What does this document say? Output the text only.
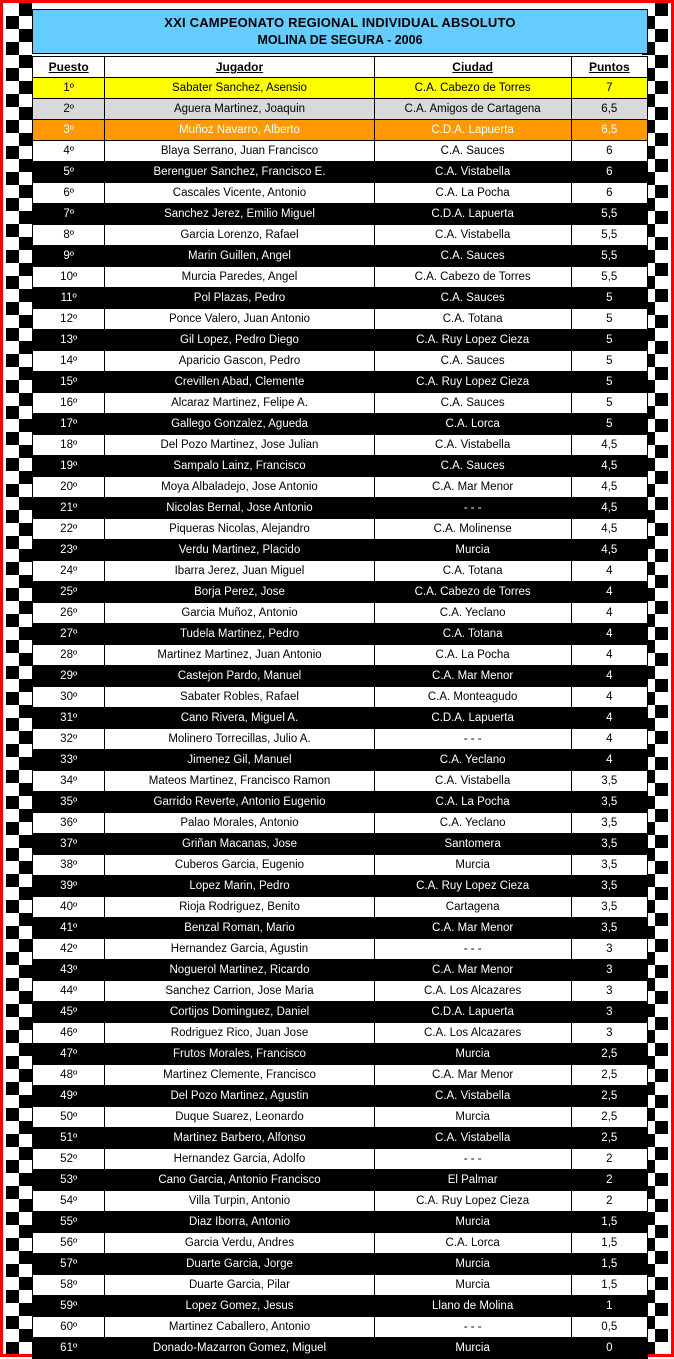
XXI CAMPEONATO REGIONAL INDIVIDUAL ABSOLUTO
MOLINA DE SEGURA - 2006
Puesto	Jugador	Ciudad	Puntos
1º	Sabater Sanchez, Asensio	C.A. Cabezo de Torres	7
2º	Aguera Martinez, Joaquin	C.A. Amigos de Cartagena	6,5
3º	Muñoz Navarro, Alberto	C.D.A. Lapuerta	6,5
4º	Blaya Serrano, Juan Francisco	C.A. Sauces	6
5º	Berenguer Sanchez, Francisco E.	C.A. Vistabella	6
6º	Cascales Vicente, Antonio	C.A. La Pocha	6
7º	Sanchez Jerez, Emilio Miguel	C.D.A. Lapuerta	5,5
8º	Garcia Lorenzo, Rafael	C.A. Vistabella	5,5
9º	Marin Guillen, Angel	C.A. Sauces	5,5
10º	Murcia Paredes, Angel	C.A. Cabezo de Torres	5,5
11º	Pol Plazas, Pedro	C.A. Sauces	5
12º	Ponce Valero, Juan Antonio	C.A. Totana	5
13º	Gil Lopez, Pedro Diego	C.A. Ruy Lopez Cieza	5
14º	Aparicio Gascon, Pedro	C.A. Sauces	5
15º	Crevillen Abad, Clemente	C.A. Ruy Lopez Cieza	5
16º	Alcaraz Martinez, Felipe A.	C.A. Sauces	5
17º	Gallego Gonzalez, Agueda	C.A. Lorca	5
18º	Del Pozo Martinez, Jose Julian	C.A. Vistabella	4,5
19º	Sampalo Lainz, Francisco	C.A. Sauces	4,5
20º	Moya Albaladejo, Jose Antonio	C.A. Mar Menor	4,5
21º	Nicolas Bernal, Jose Antonio	- - -	4,5
22º	Piqueras Nicolas, Alejandro	C.A. Molinense	4,5
23º	Verdu Martinez, Placido	Murcia	4,5
24º	Ibarra Jerez, Juan Miguel	C.A. Totana	4
25º	Borja Perez, Jose	C.A. Cabezo de Torres	4
26º	Garcia Muñoz, Antonio	C.A. Yeclano	4
27º	Tudela Martinez, Pedro	C.A. Totana	4
28º	Martinez Martinez, Juan Antonio	C.A. La Pocha	4
29º	Castejon Pardo, Manuel	C.A. Mar Menor	4
30º	Sabater Robles, Rafael	C.A. Monteagudo	4
31º	Cano Rivera, Miguel A.	C.D.A. Lapuerta	4
32º	Molinero Torrecillas, Julio A.	- - -	4
33º	Jimenez Gil, Manuel	C.A. Yeclano	4
34º	Mateos Martinez, Francisco Ramon	C.A. Vistabella	3,5
35º	Garrido Reverte, Antonio Eugenio	C.A. La Pocha	3,5
36º	Palao Morales, Antonio	C.A. Yeclano	3,5
37º	Griñan Macanas, Jose	Santomera	3,5
38º	Cuberos Garcia, Eugenio	Murcia	3,5
39º	Lopez Marin, Pedro	C.A. Ruy Lopez Cieza	3,5
40º	Rioja Rodriguez, Benito	Cartagena	3,5
41º	Benzal Roman, Mario	C.A. Mar Menor	3,5
42º	Hernandez Garcia, Agustin	- - -	3
43º	Noguerol Martinez, Ricardo	C.A. Mar Menor	3
44º	Sanchez Carrion, Jose Maria	C.A. Los Alcazares	3
45º	Cortijos Dominguez, Daniel	C.D.A. Lapuerta	3
46º	Rodriguez Rico, Juan Jose	C.A. Los Alcazares	3
47º	Frutos Morales, Francisco	Murcia	2,5
48º	Martinez Clemente, Francisco	C.A. Mar Menor	2,5
49º	Del Pozo Martinez, Agustin	C.A. Vistabella	2,5
50º	Duque Suarez, Leonardo	Murcia	2,5
51º	Martinez Barbero, Alfonso	C.A. Vistabella	2,5
52º	Hernandez Garcia, Adolfo	- - -	2
53º	Cano Garcia, Antonio Francisco	El Palmar	2
54º	Villa Turpin, Antonio	C.A. Ruy Lopez Cieza	2
55º	Diaz Iborra, Antonio	Murcia	1,5
56º	Garcia Verdu, Andres	C.A. Lorca	1,5
57º	Duarte Garcia, Jorge	Murcia	1,5
58º	Duarte Garcia, Pilar	Murcia	1,5
59º	Lopez Gomez, Jesus	Llano de Molina	1
60º	Martinez Caballero, Antonio	- - -	0,5
61º	Donado-Mazarron Gomez, Miguel	Murcia	0
